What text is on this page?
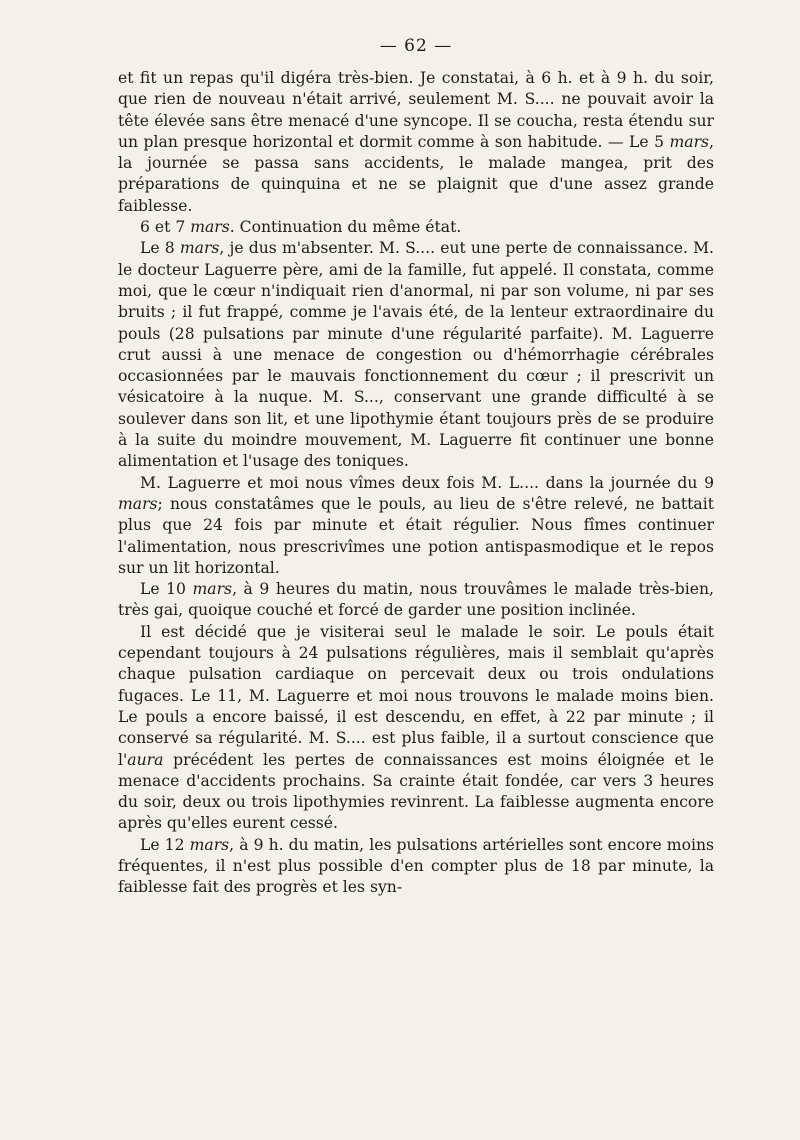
— 62 —

et fit un repas qu'il digéra très-bien. Je constatai, à 6 h. et à 9 h. du soir, que rien de nouveau n'était arrivé, seulement M. S.... ne pouvait avoir la tête élevée sans être menacé d'une syncope. Il se coucha, resta étendu sur un plan presque horizontal et dormit comme à son habitude. — Le 5 mars, la journée se passa sans accidents, le malade mangea, prit des préparations de quinquina et ne se plaignit que d'une assez grande faiblesse.

6 et 7 mars. Continuation du même état.

Le 8 mars, je dus m'absenter. M. S.... eut une perte de connaissance. M. le docteur Laguerre père, ami de la famille, fut appelé. Il constata, comme moi, que le cœur n'indiquait rien d'anormal, ni par son volume, ni par ses bruits ; il fut frappé, comme je l'avais été, de la lenteur extraordinaire du pouls (28 pulsations par minute d'une régularité parfaite). M. Laguerre crut aussi à une menace de congestion ou d'hémorrhagie cérébrales occasionnées par le mauvais fonctionnement du cœur ; il prescrivit un vésicatoire à la nuque. M. S..., conservant une grande difficulté à se soulever dans son lit, et une lipothymie étant toujours près de se produire à la suite du moindre mouvement, M. Laguerre fit continuer une bonne alimentation et l'usage des toniques.

M. Laguerre et moi nous vîmes deux fois M. L.... dans la journée du 9 mars; nous constatâmes que le pouls, au lieu de s'être relevé, ne battait plus que 24 fois par minute et était régulier. Nous fîmes continuer l'alimentation, nous prescrivîmes une potion antispasmodique et le repos sur un lit horizontal.

Le 10 mars, à 9 heures du matin, nous trouvâmes le malade très-bien, très gai, quoique couché et forcé de garder une position inclinée.

Il est décidé que je visiterai seul le malade le soir. Le pouls était cependant toujours à 24 pulsations régulières, mais il semblait qu'après chaque pulsation cardiaque on percevait deux ou trois ondulations fugaces. Le 11, M. Laguerre et moi nous trouvons le malade moins bien. Le pouls a encore baissé, il est descendu, en effet, à 22 par minute ; il conservé sa régularité. M. S.... est plus faible, il a surtout conscience que l'aura précédent les pertes de connaissances est moins éloignée et le menace d'accidents prochains. Sa crainte était fondée, car vers 3 heures du soir, deux ou trois lipothymies revinrent. La faiblesse augmenta encore après qu'elles eurent cessé.

Le 12 mars, à 9 h. du matin, les pulsations artérielles sont encore moins fréquentes, il n'est plus possible d'en compter plus de 18 par minute, la faiblesse fait des progrès et les syn-
